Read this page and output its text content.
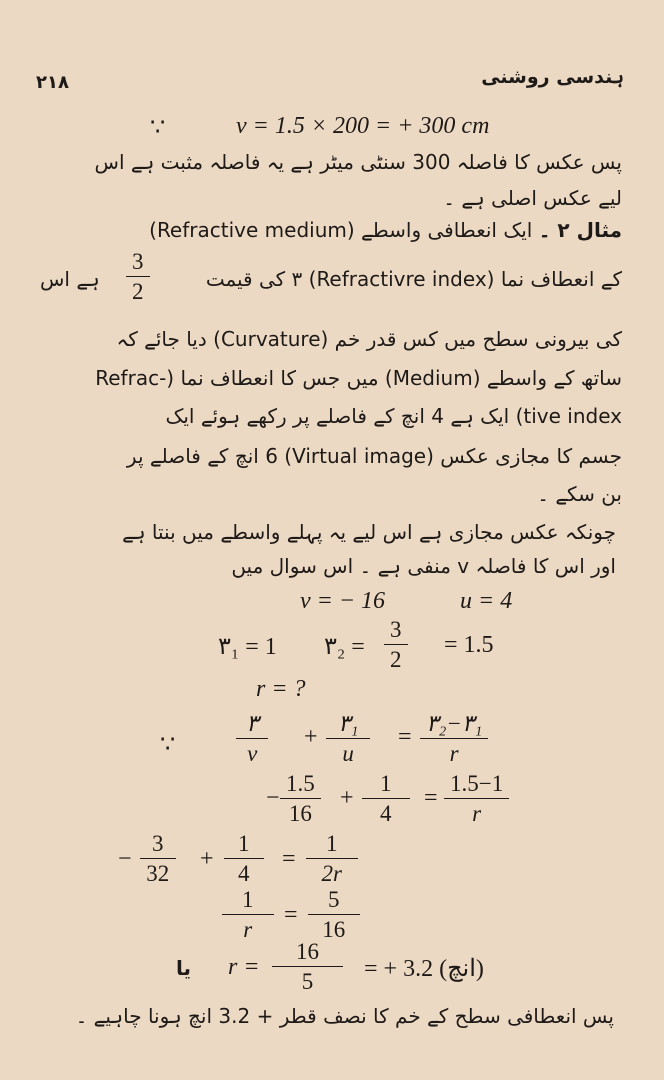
۲۱۸	ہندسی روشنی
∵	v = 1.5 × 200 = + 300 cm
پس عکس کا فاصلہ 300 سنٹی میٹر ہے یہ فاصلہ مثبت ہے اس
لیے عکس اصلی ہے ۔
مثال ۲ ۔ ایک انعطافی واسطے (Refractive medium)
کے انعطاف نما (Refractivre index) ۳ کی قیمت
$\frac{3}{2}$
ہے اس
کی بیرونی سطح میں کس قدر خم (Curvature) دیا جائے کہ
ساتھ کے واسطے (Medium) میں جس کا انعطاف نما (-Refrac
tive index) ایک ہے 4 انچ کے فاصلے پر رکھے ہوئے ایک
جسم کا مجازی عکس (Virtual image) 6 انچ کے فاصلے پر
بن سکے ۔
چونکہ عکس مجازی ہے اس لیے یہ پہلے واسطے میں بنتا ہے
اور اس کا فاصلہ v منفی ہے ۔ اس سوال میں
v = − 16	u = 4
۳₁ = 1 ۳₂ = $\frac{3}{2} = 1.5$
r = ?
∵
۳
v
+
۳₁
u
=
۳₂−۳₁
r
− $\frac{1.5}{16} + \frac{1}{4} = \frac{1.5-1}{r}$
− $\frac{3}{32} + \frac{1}{4} = \frac{1}{2r}$
$\frac{1}{r} = \frac{5}{16}$
یا $r = \frac{16}{5}$ = + 3.2 (انچ)
پس انعطافی سطح کے خم کا نصف قطر + 3.2 انچ ہونا چاہیے ۔
